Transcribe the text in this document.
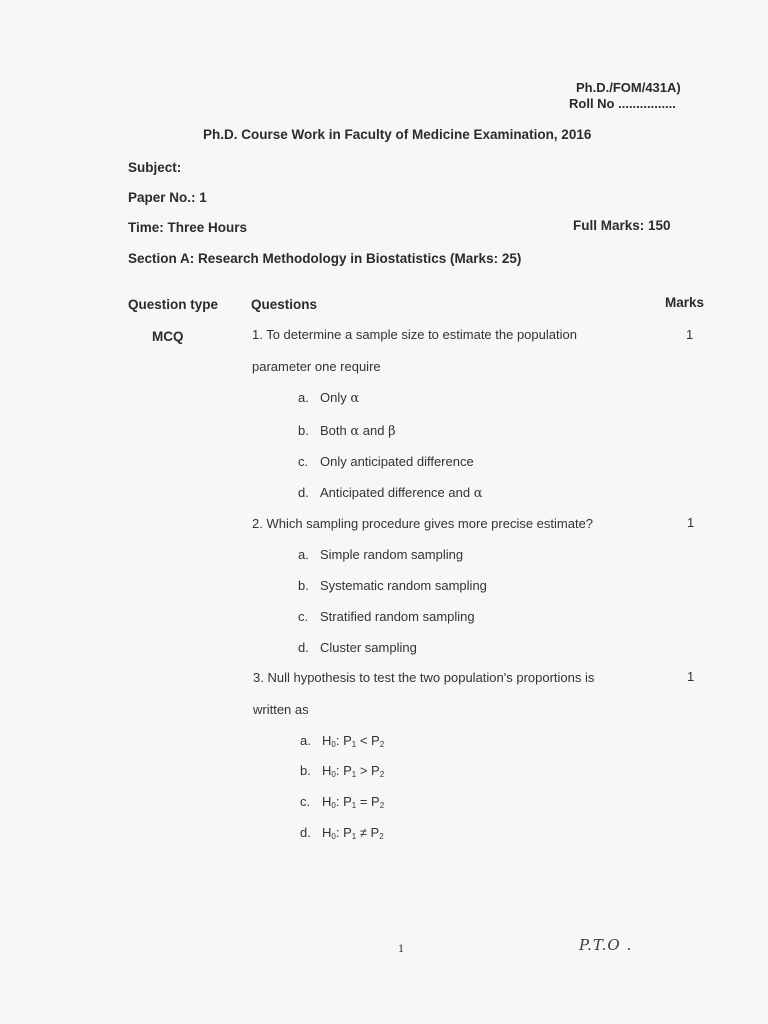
Ph.D./FOM/431A)
Roll No ................
Ph.D. Course Work in Faculty of Medicine Examination, 2016
Subject:
Paper No.: 1
Time: Three Hours	Full Marks: 150
Section A: Research Methodology in Biostatistics (Marks: 25)
Question type Questions	Marks
MCQ	1. To determine a sample size to estimate the population	1
parameter one require
a. Only α
b. Both α and β
c. Only anticipated difference
d. Anticipated difference and α
2. Which sampling procedure gives more precise estimate?	1
a. Simple random sampling
b. Systematic random sampling
c. Stratified random sampling
d. Cluster sampling
3. Null hypothesis to test the two population's proportions is	1
written as
a. $H_0$: $P_1 < P_2$
b. $H_0$: $P_1 > P_2$
c. $H_0$: $P_1 = P_2$
d. $H_0$: $P_1 \ne P_2$
1	P.T.O .
